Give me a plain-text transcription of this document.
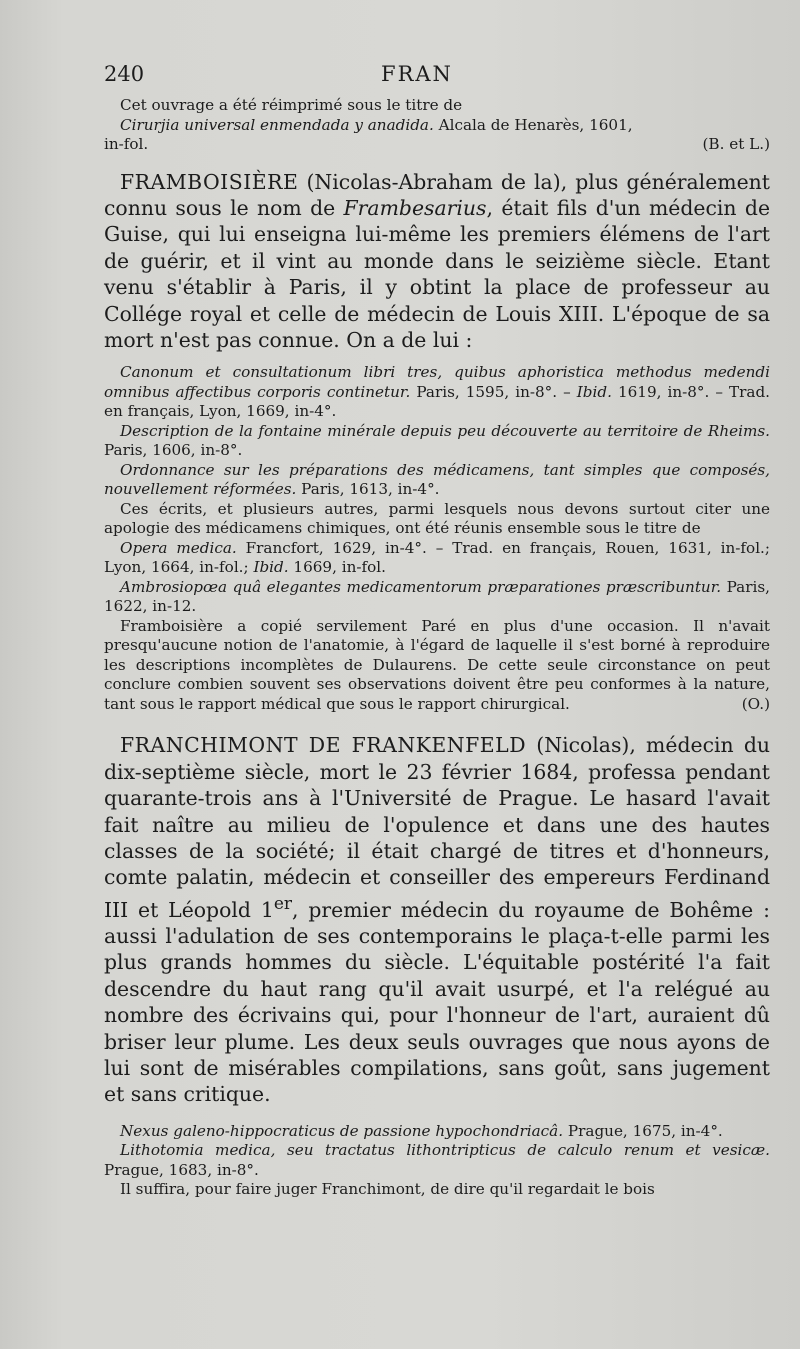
240	FRAN

Cet ouvrage a été réimprimé sous le titre de

Cirurjia universal enmendada y anadida. Alcala de Henarès, 1601,

in-fol.	(B. et L.)

FRAMBOISIÈRE (Nicolas-Abraham de la), plus généralement connu sous le nom de Frambesarius, était fils d'un médecin de Guise, qui lui enseigna lui-même les premiers élémens de l'art de guérir, et il vint au monde dans le seizième siècle. Etant venu s'établir à Paris, il y obtint la place de professeur au Collége royal et celle de médecin de Louis XIII. L'époque de sa mort n'est pas connue. On a de lui :

Canonum et consultationum libri tres, quibus aphoristica methodus medendi omnibus affectibus corporis continetur. Paris, 1595, in-8°. – Ibid. 1619, in-8°. – Trad. en français, Lyon, 1669, in-4°.

Description de la fontaine minérale depuis peu découverte au territoire de Rheims. Paris, 1606, in-8°.

Ordonnance sur les préparations des médicamens, tant simples que composés, nouvellement réformées. Paris, 1613, in-4°.

Ces écrits, et plusieurs autres, parmi lesquels nous devons surtout citer une apologie des médicamens chimiques, ont été réunis ensemble sous le titre de

Opera medica. Francfort, 1629, in-4°. – Trad. en français, Rouen, 1631, in-fol.; Lyon, 1664, in-fol.; Ibid. 1669, in-fol.

Ambrosiopœa quâ elegantes medicamentorum præparationes præscribuntur. Paris, 1622, in-12.

Framboisière a copié servilement Paré en plus d'une occasion. Il n'avait presqu'aucune notion de l'anatomie, à l'égard de laquelle il s'est borné à reproduire les descriptions incomplètes de Dulaurens. De cette seule circonstance on peut conclure combien souvent ses observations doivent être peu conformes à la nature, tant sous le rapport médical que sous le rapport chirurgical.	(O.)

FRANCHIMONT DE FRANKENFELD (Nicolas), médecin du dix-septième siècle, mort le 23 février 1684, professa pendant quarante-trois ans à l'Université de Prague. Le hasard l'avait fait naître au milieu de l'opulence et dans une des hautes classes de la société; il était chargé de titres et d'honneurs, comte palatin, médecin et conseiller des empereurs Ferdinand III et Léopold 1er, premier médecin du royaume de Bohême : aussi l'adulation de ses contemporains le plaça-t-elle parmi les plus grands hommes du siècle. L'équitable postérité l'a fait descendre du haut rang qu'il avait usurpé, et l'a relégué au nombre des écrivains qui, pour l'honneur de l'art, auraient dû briser leur plume. Les deux seuls ouvrages que nous ayons de lui sont de misérables compilations, sans goût, sans jugement et sans critique.

Nexus galeno-hippocraticus de passione hypochondriacâ. Prague, 1675, in-4°.

Lithotomia medica, seu tractatus lithontripticus de calculo renum et vesicæ. Prague, 1683, in-8°.

Il suffira, pour faire juger Franchimont, de dire qu'il regardait le bois
